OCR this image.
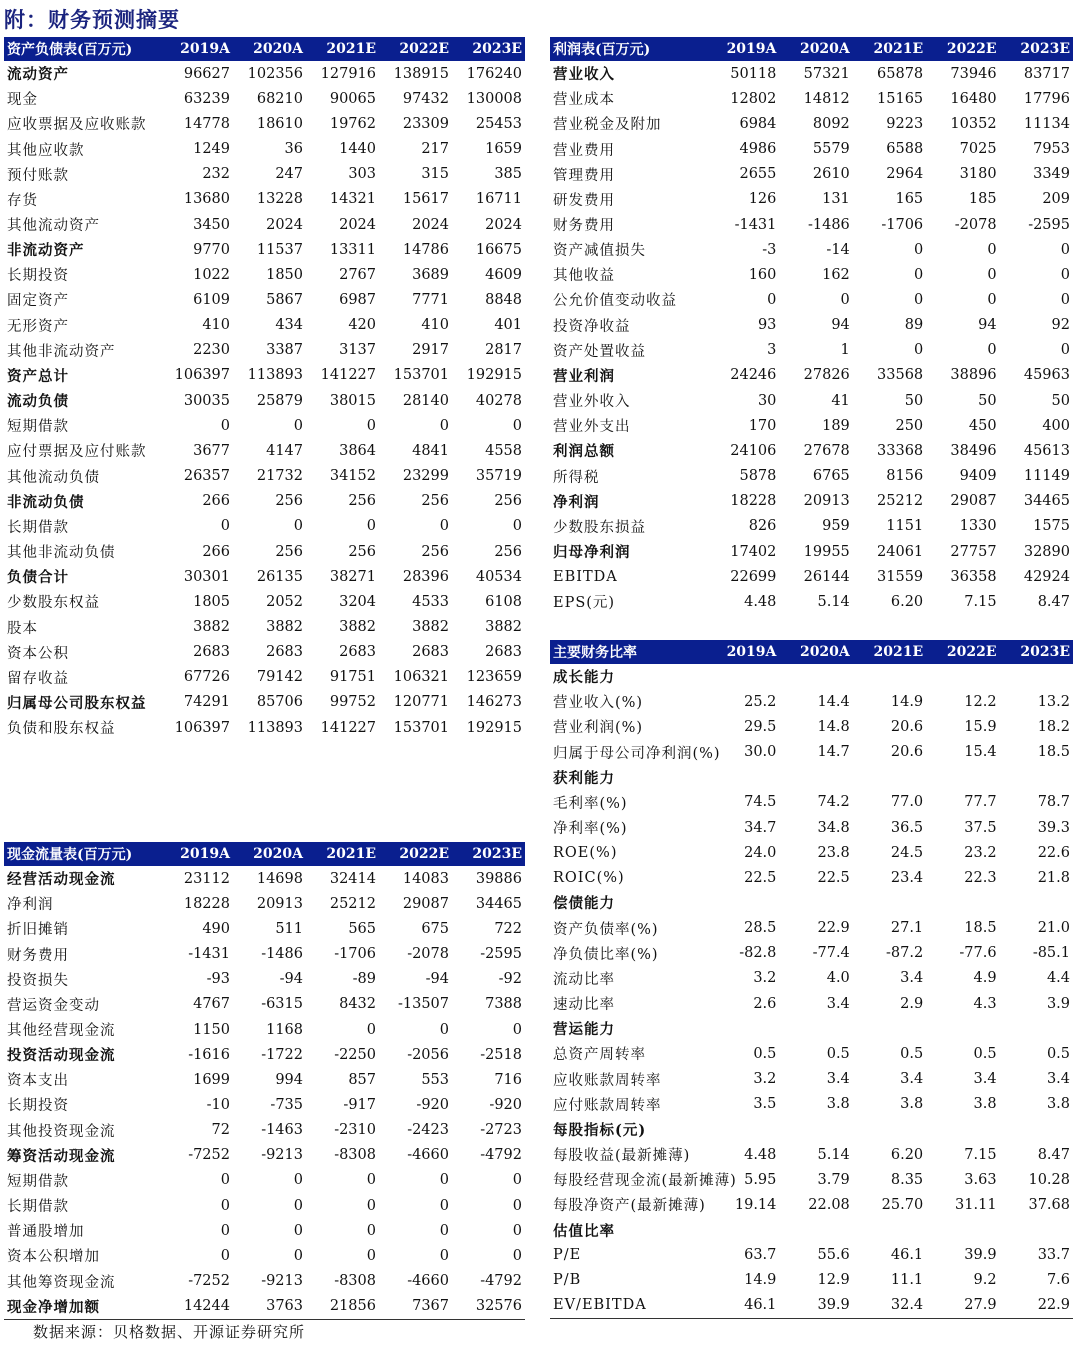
附：财务预测摘要
资产负债表(百万元)	2019A	2020A	2021E	2022E	2023E
流动资产	96627	102356	127916	138915	176240
现金	63239	68210	90065	97432	130008
应收票据及应收账款	14778	18610	19762	23309	25453
其他应收款	1249	36	1440	217	1659
预付账款	232	247	303	315	385
存货	13680	13228	14321	15617	16711
其他流动资产	3450	2024	2024	2024	2024
非流动资产	9770	11537	13311	14786	16675
长期投资	1022	1850	2767	3689	4609
固定资产	6109	5867	6987	7771	8848
无形资产	410	434	420	410	401
其他非流动资产	2230	3387	3137	2917	2817
资产总计	106397	113893	141227	153701	192915
流动负债	30035	25879	38015	28140	40278
短期借款	0	0	0	0	0
应付票据及应付账款	3677	4147	3864	4841	4558
其他流动负债	26357	21732	34152	23299	35719
非流动负债	266	256	256	256	256
长期借款	0	0	0	0	0
其他非流动负债	266	256	256	256	256
负债合计	30301	26135	38271	28396	40534
少数股东权益	1805	2052	3204	4533	6108
股本	3882	3882	3882	3882	3882
资本公积	2683	2683	2683	2683	2683
留存收益	67726	79142	91751	106321	123659
归属母公司股东权益	74291	85706	99752	120771	146273
负债和股东权益	106397	113893	141227	153701	192915
利润表(百万元)	2019A	2020A	2021E	2022E	2023E
营业收入	50118	57321	65878	73946	83717
营业成本	12802	14812	15165	16480	17796
营业税金及附加	6984	8092	9223	10352	11134
营业费用	4986	5579	6588	7025	7953
管理费用	2655	2610	2964	3180	3349
研发费用	126	131	165	185	209
财务费用	-1431	-1486	-1706	-2078	-2595
资产减值损失	-3	-14	0	0	0
其他收益	160	162	0	0	0
公允价值变动收益	0	0	0	0	0
投资净收益	93	94	89	94	92
资产处置收益	3	1	0	0	0
营业利润	24246	27826	33568	38896	45963
营业外收入	30	41	50	50	50
营业外支出	170	189	250	450	400
利润总额	24106	27678	33368	38496	45613
所得税	5878	6765	8156	9409	11149
净利润	18228	20913	25212	29087	34465
少数股东损益	826	959	1151	1330	1575
归母净利润	17402	19955	24061	27757	32890
EBITDA	22699	26144	31559	36358	42924
EPS(元)	4.48	5.14	6.20	7.15	8.47
主要财务比率	2019A	2020A	2021E	2022E	2023E
成长能力					
营业收入(%)	25.2	14.4	14.9	12.2	13.2
营业利润(%)	29.5	14.8	20.6	15.9	18.2
归属于母公司净利润(%)	30.0	14.7	20.6	15.4	18.5
获利能力					
毛利率(%)	74.5	74.2	77.0	77.7	78.7
净利率(%)	34.7	34.8	36.5	37.5	39.3
ROE(%)	24.0	23.8	24.5	23.2	22.6
ROIC(%)	22.5	22.5	23.4	22.3	21.8
偿债能力					
资产负债率(%)	28.5	22.9	27.1	18.5	21.0
净负债比率(%)	-82.8	-77.4	-87.2	-77.6	-85.1
流动比率	3.2	4.0	3.4	4.9	4.4
速动比率	2.6	3.4	2.9	4.3	3.9
营运能力					
总资产周转率	0.5	0.5	0.5	0.5	0.5
应收账款周转率	3.2	3.4	3.4	3.4	3.4
应付账款周转率	3.5	3.8	3.8	3.8	3.8
每股指标(元)					
每股收益(最新摊薄)	4.48	5.14	6.20	7.15	8.47
每股经营现金流(最新摊薄)	5.95	3.79	8.35	3.63	10.28
每股净资产(最新摊薄)	19.14	22.08	25.70	31.11	37.68
估值比率					
P/E	63.7	55.6	46.1	39.9	33.7
P/B	14.9	12.9	11.1	9.2	7.6
EV/EBITDA	46.1	39.9	32.4	27.9	22.9
现金流量表(百万元)	2019A	2020A	2021E	2022E	2023E
经营活动现金流	23112	14698	32414	14083	39886
净利润	18228	20913	25212	29087	34465
折旧摊销	490	511	565	675	722
财务费用	-1431	-1486	-1706	-2078	-2595
投资损失	-93	-94	-89	-94	-92
营运资金变动	4767	-6315	8432	-13507	7388
其他经营现金流	1150	1168	0	0	0
投资活动现金流	-1616	-1722	-2250	-2056	-2518
资本支出	1699	994	857	553	716
长期投资	-10	-735	-917	-920	-920
其他投资现金流	72	-1463	-2310	-2423	-2723
筹资活动现金流	-7252	-9213	-8308	-4660	-4792
短期借款	0	0	0	0	0
长期借款	0	0	0	0	0
普通股增加	0	0	0	0	0
资本公积增加	0	0	0	0	0
其他筹资现金流	-7252	-9213	-8308	-4660	-4792
现金净增加额	14244	3763	21856	7367	32576
数据来源：贝格数据、开源证券研究所
